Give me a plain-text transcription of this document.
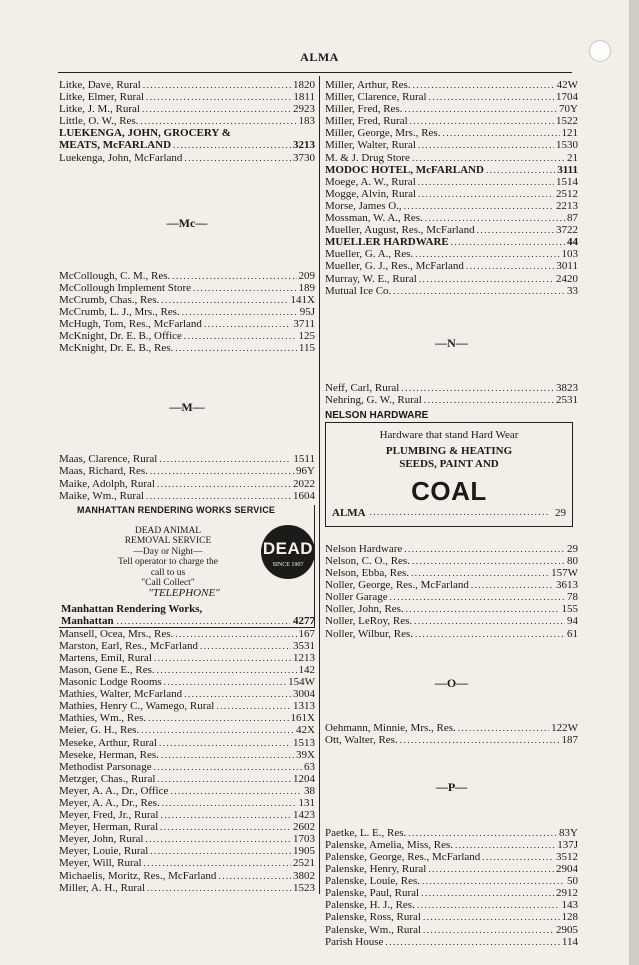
ALMA
Litke, Dave, Rural .....	1820
Litke, Elmer, Rural .....	1811
Litke, J. M., Rural .....	2923
Little, O. W., Res. .....	183
LUEKENGA, JOHN, GROCERY &
MEATS, McFARLAND .....	3213
Luekenga, John, McFarland .....	3730
—Mc—
McCollough, C. M., Res. .....	209
McCollough Implement Store .....	189
McCrumb, Chas., Res. .....	141X
McCrumb, L. J., Mrs., Res. .....	95J
McHugh, Tom, Res., McFarland .....	3711
McKnight, Dr. E. B., Office .....	125
McKnight, Dr. E. B., Res. .....	115
—M—
Maas, Clarence, Rural .....	1511
Maas, Richard, Res. .....	96Y
Maike, Adolph, Rural .....	2022
Maike, Wm., Rural .....	1604
MANHATTAN RENDERING WORKS SERVICE
DEAD ANIMAL
REMOVAL SERVICE
—Day or Night—
Tell operator to charge the
call to us
"Call Collect"
DEAD
SINCE 1907
"TELEPHONE"
Manhattan Rendering Works,
Manhattan .....	4277
Mansell, Ocea, Mrs., Res. .....	167
Marston, Earl, Res., McFarland .....	3531
Martens, Emil, Rural .....	1213
Mason, Gene E., Res. .....	142
Masonic Lodge Rooms .....	154W
Mathies, Walter, McFarland .....	3004
Mathies, Henry C., Wamego, Rural .....	1313
Mathies, Wm., Res. .....	161X
Meier, G. H., Res. .....	42X
Meseke, Arthur, Rural .....	1513
Meseke, Herman, Res. .....	39X
Methodist Parsonage .....	63
Metzger, Chas., Rural .....	1204
Meyer, A. A., Dr., Office .....	38
Meyer, A. A., Dr., Res. .....	131
Meyer, Fred, Jr., Rural .....	1423
Meyer, Herman, Rural .....	2602
Meyer, John, Rural .....	1703
Meyer, Louie, Rural .....	1905
Meyer, Will, Rural .....	2521
Michaelis, Moritz, Res., McFarland .....	3802
Miller, A. H., Rural .....	1523
Miller, Arthur, Res. .....	42W
Miller, Clarence, Rural .....	1704
Miller, Fred, Res. .....	70Y
Miller, Fred, Rural .....	1522
Miller, George, Mrs., Res. .....	121
Miller, Walter, Rural .....	1530
M. & J. Drug Store .....	21
MODOC HOTEL, McFARLAND .....	3111
Moege, A. W., Rural .....	1514
Mogge, Alvin, Rural .....	2512
Morse, James O., .....	2213
Mossman, W. A., Res. .....	87
Mueller, August, Res., McFarland .....	3722
MUELLER HARDWARE .....	44
Mueller, G. A., Res. .....	103
Mueller, G. J., Res., McFarland .....	3011
Murray, W. E., Rural .....	2420
Mutual Ice Co. .....	33
—N—
Neff, Carl, Rural .....	3823
Nehring, G. W., Rural .....	2531
NELSON HARDWARE
Hardware that stand Hard Wear
PLUMBING & HEATING
SEEDS, PAINT AND
COAL
ALMA .....	29
Nelson Hardware .....	29
Nelson, C. O., Res. .....	80
Nelson, Ebba, Res. .....	157W
Noller, George, Res., McFarland .....	3613
Noller Garage .....	78
Noller, John, Res. .....	155
Noller, LeRoy, Res. .....	94
Noller, Wilbur, Res. .....	61
—O—
Oehmann, Minnie, Mrs., Res. .....	122W
Ott, Walter, Res. .....	187
—P—
Paetke, L. E., Res. .....	83Y
Palenske, Amelia, Miss, Res. .....	137J
Palenske, George, Res., McFarland .....	3512
Palenske, Henry, Rural .....	2904
Palenske, Louie, Res. .....	50
Palenske, Paul, Rural .....	2912
Palenske, H. J., Res. .....	143
Palenske, Ross, Rural .....	128
Palenske, Wm., Rural .....	2905
Parish House .....	114
